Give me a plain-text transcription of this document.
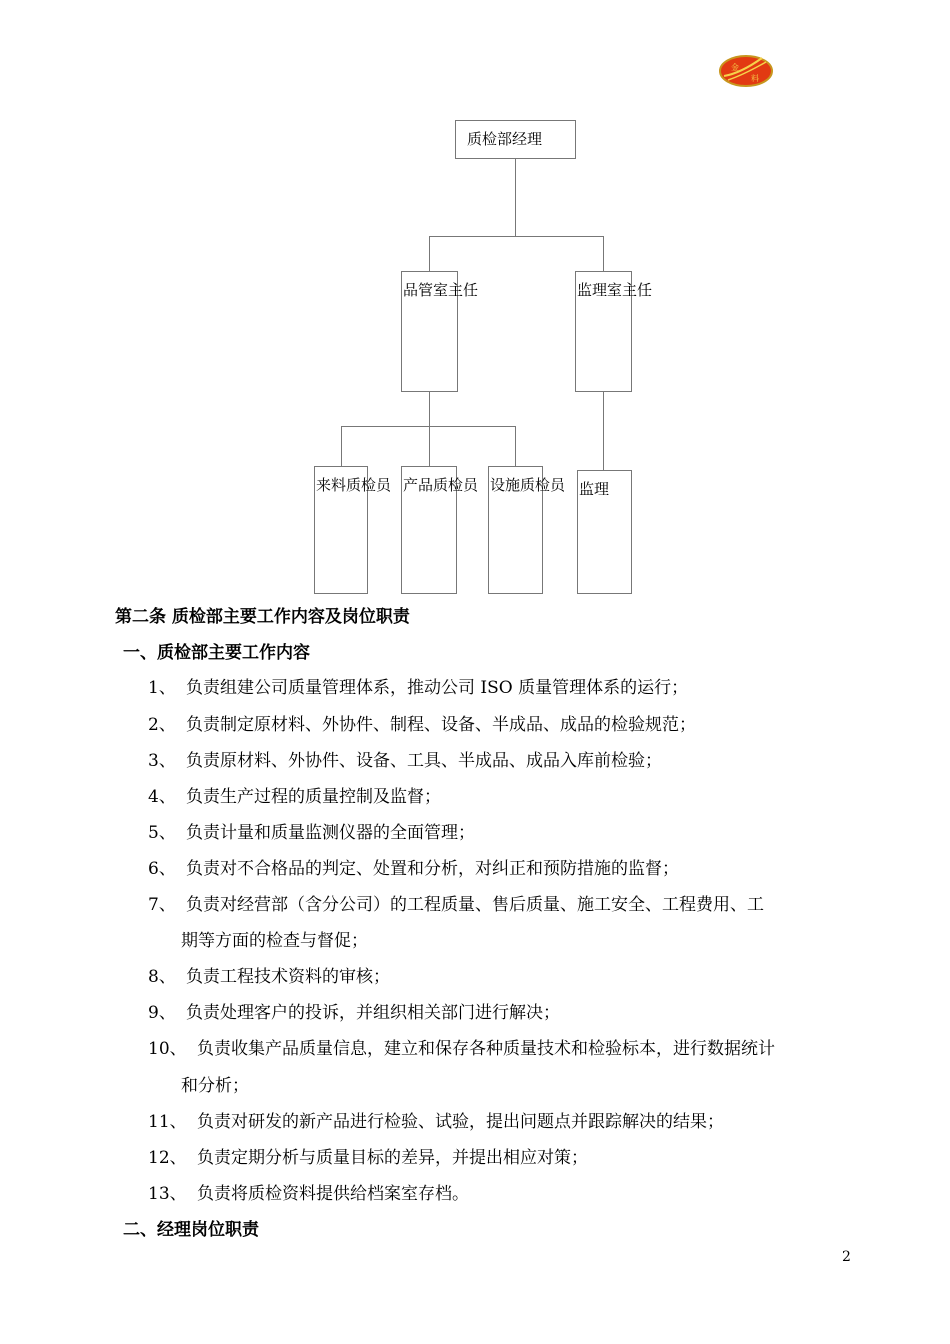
金
料
质检部经理
品管室主任	监理室主任
来料质检员 产品质检员 设施质检员 监理
第二条 质检部主要工作内容及岗位职责
一、质检部主要工作内容
1、 负责组建公司质量管理体系，推动公司 ISO 质量管理体系的运行；
2、 负责制定原材料、外协件、制程、设备、半成品、成品的检验规范；
3、 负责原材料、外协件、设备、工具、半成品、成品入库前检验；
4、 负责生产过程的质量控制及监督；
5、 负责计量和质量监测仪器的全面管理；
6、 负责对不合格品的判定、处置和分析，对纠正和预防措施的监督；
7、 负责对经营部（含分公司）的工程质量、售后质量、施工安全、工程费用、工
期等方面的检查与督促；
8、 负责工程技术资料的审核；
9、 负责处理客户的投诉，并组织相关部门进行解决；
10、 负责收集产品质量信息，建立和保存各种质量技术和检验标本，进行数据统计
和分析；
11、 负责对研发的新产品进行检验、试验，提出问题点并跟踪解决的结果；
12、 负责定期分析与质量目标的差异，并提出相应对策；
13、 负责将质检资料提供给档案室存档。
二、经理岗位职责
2
